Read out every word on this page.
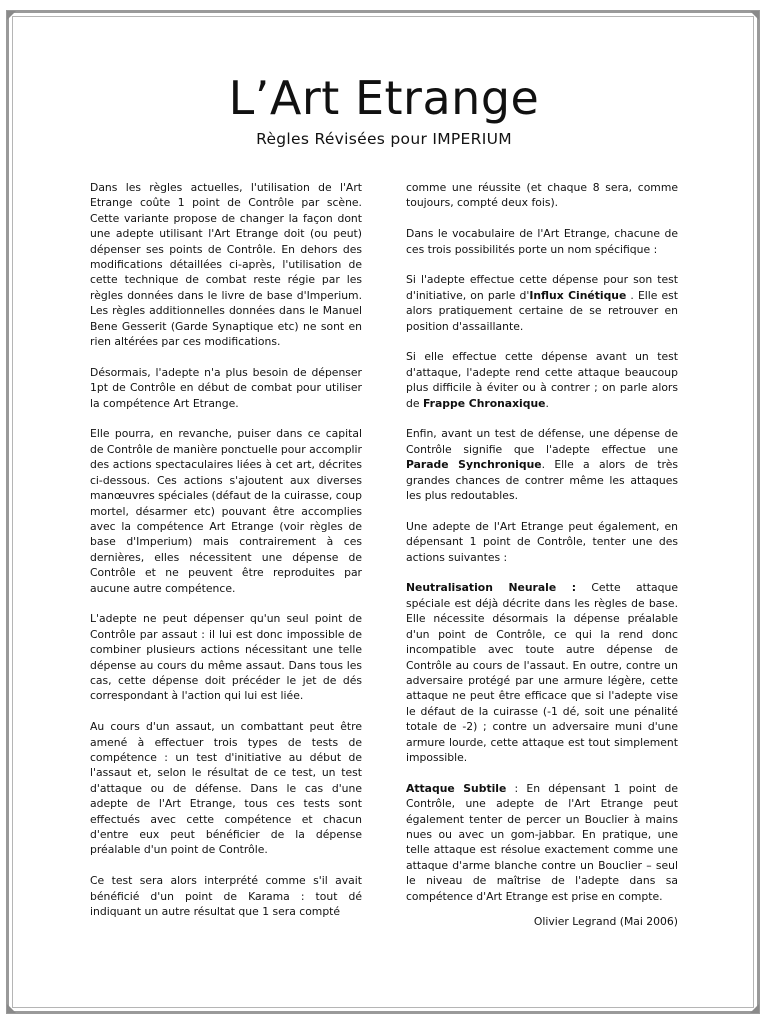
L’Art Etrange
Règles Révisées pour IMPERIUM

Dans les règles actuelles, l'utilisation de l'Art Etrange coûte 1 point de Contrôle par scène. Cette variante propose de changer la façon dont une adepte utilisant l'Art Etrange doit (ou peut) dépenser ses points de Contrôle. En dehors des modifications détaillées ci-après, l'utilisation de cette technique de combat reste régie par les règles données dans le livre de base d'Imperium. Les règles additionnelles données dans le Manuel Bene Gesserit (Garde Synaptique etc) ne sont en rien altérées par ces modifications.

Désormais, l'adepte n'a plus besoin de dépenser 1pt de Contrôle en début de combat pour utiliser la compétence Art Etrange.

Elle pourra, en revanche, puiser dans ce capital de Contrôle de manière ponctuelle pour accomplir des actions spectaculaires liées à cet art, décrites ci-dessous. Ces actions s'ajoutent aux diverses manœuvres spéciales (défaut de la cuirasse, coup mortel, désarmer etc) pouvant être accomplies avec la compétence Art Etrange (voir règles de base d'Imperium) mais contrairement à ces dernières, elles nécessitent une dépense de Contrôle et ne peuvent être reproduites par aucune autre compétence.

L'adepte ne peut dépenser qu'un seul point de Contrôle par assaut : il lui est donc impossible de combiner plusieurs actions nécessitant une telle dépense au cours du même assaut. Dans tous les cas, cette dépense doit précéder le jet de dés correspondant à l'action qui lui est liée.

Au cours d'un assaut, un combattant peut être amené à effectuer trois types de tests de compétence : un test d'initiative au début de l'assaut et, selon le résultat de ce test, un test d'attaque ou de défense. Dans le cas d'une adepte de l'Art Etrange, tous ces tests sont effectués avec cette compétence et chacun d'entre eux peut bénéficier de la dépense préalable d'un point de Contrôle.

Ce test sera alors interprété comme s'il avait bénéficié d'un point de Karama : tout dé indiquant un autre résultat que 1 sera compté

comme une réussite (et chaque 8 sera, comme toujours, compté deux fois).

Dans le vocabulaire de l'Art Etrange, chacune de ces trois possibilités porte un nom spécifique :

Si l'adepte effectue cette dépense pour son test d'initiative, on parle d'Influx Cinétique . Elle est alors pratiquement certaine de se retrouver en position d'assaillante.

Si elle effectue cette dépense avant un test d'attaque, l'adepte rend cette attaque beaucoup plus difficile à éviter ou à contrer ; on parle alors de Frappe Chronaxique.

Enfin, avant un test de défense, une dépense de Contrôle signifie que l'adepte effectue une Parade Synchronique. Elle a alors de très grandes chances de contrer même les attaques les plus redoutables.

Une adepte de l'Art Etrange peut également, en dépensant 1 point de Contrôle, tenter une des actions suivantes :

Neutralisation Neurale : Cette attaque spéciale est déjà décrite dans les règles de base. Elle nécessite désormais la dépense préalable d'un point de Contrôle, ce qui la rend donc incompatible avec toute autre dépense de Contrôle au cours de l'assaut. En outre, contre un adversaire protégé par une armure légère, cette attaque ne peut être efficace que si l'adepte vise le défaut de la cuirasse (-1 dé, soit une pénalité totale de -2) ; contre un adversaire muni d'une armure lourde, cette attaque est tout simplement impossible.

Attaque Subtile : En dépensant 1 point de Contrôle, une adepte de l'Art Etrange peut également tenter de percer un Bouclier à mains nues ou avec un gom-jabbar. En pratique, une telle attaque est résolue exactement comme une attaque d'arme blanche contre un Bouclier – seul le niveau de maîtrise de l'adepte dans sa compétence d'Art Etrange est prise en compte.

Olivier Legrand (Mai 2006)
